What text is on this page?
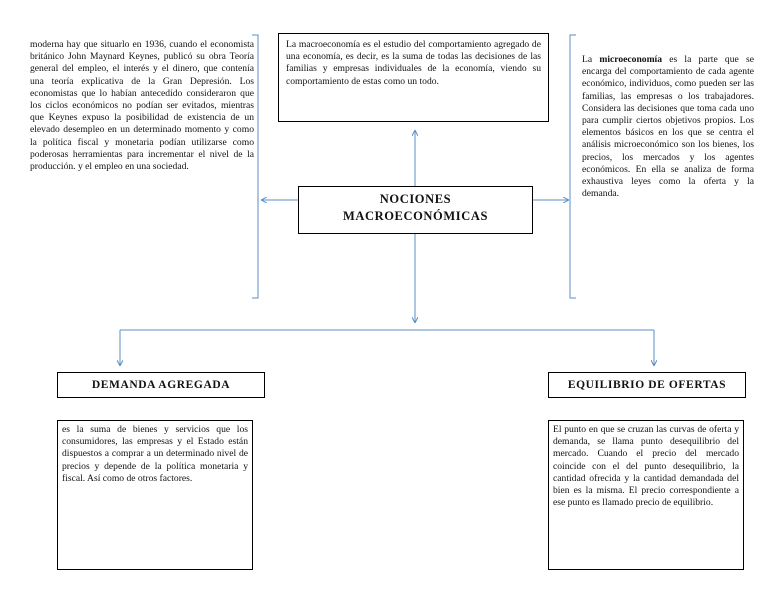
moderna hay que situarlo en 1936, cuando el economista británico John Maynard Keynes, publicó su obra Teoría general del empleo, el interés y el dinero, que contenía una teoría explicativa de la Gran Depresión. Los economistas que lo habían antecedido consideraron que los ciclos económicos no podían ser evitados, mientras que Keynes expuso la posibilidad de existencia de un elevado desempleo en un determinado momento y como la política fiscal y monetaria podían utilizarse como poderosas herramientas para incrementar el nivel de la producción. y el empleo en una sociedad.
La macroeconomía es el estudio del comportamiento agregado de una economía, es decir, es la suma de todas las decisiones de las familias y empresas individuales de la economía, viendo su comportamiento de estas como un todo.
La microeconomía es la parte que se encarga del comportamiento de cada agente económico, individuos, como pueden ser las familias, las empresas o los trabajadores. Considera las decisiones que toma cada uno para cumplir ciertos objetivos propios. Los elementos básicos en los que se centra el análisis microeconómico son los bienes, los precios, los mercados y los agentes económicos. En ella se analiza de forma exhaustiva leyes como la oferta y la demanda.
NOCIONES
MACROECONÓMICAS
DEMANDA AGREGADA	EQUILIBRIO DE OFERTAS
es la suma de bienes y servicios que los consumidores, las empresas y el Estado están dispuestos a comprar a un determinado nivel de precios y depende de la política monetaria y fiscal. Así como de otros factores.
El punto en que se cruzan las curvas de oferta y demanda, se llama punto desequilibrio del mercado. Cuando el precio del mercado coincide con el del punto desequilibrio, la cantidad ofrecida y la cantidad demandada del bien es la misma. El precio correspondiente a ese punto es llamado precio de equilibrio.
